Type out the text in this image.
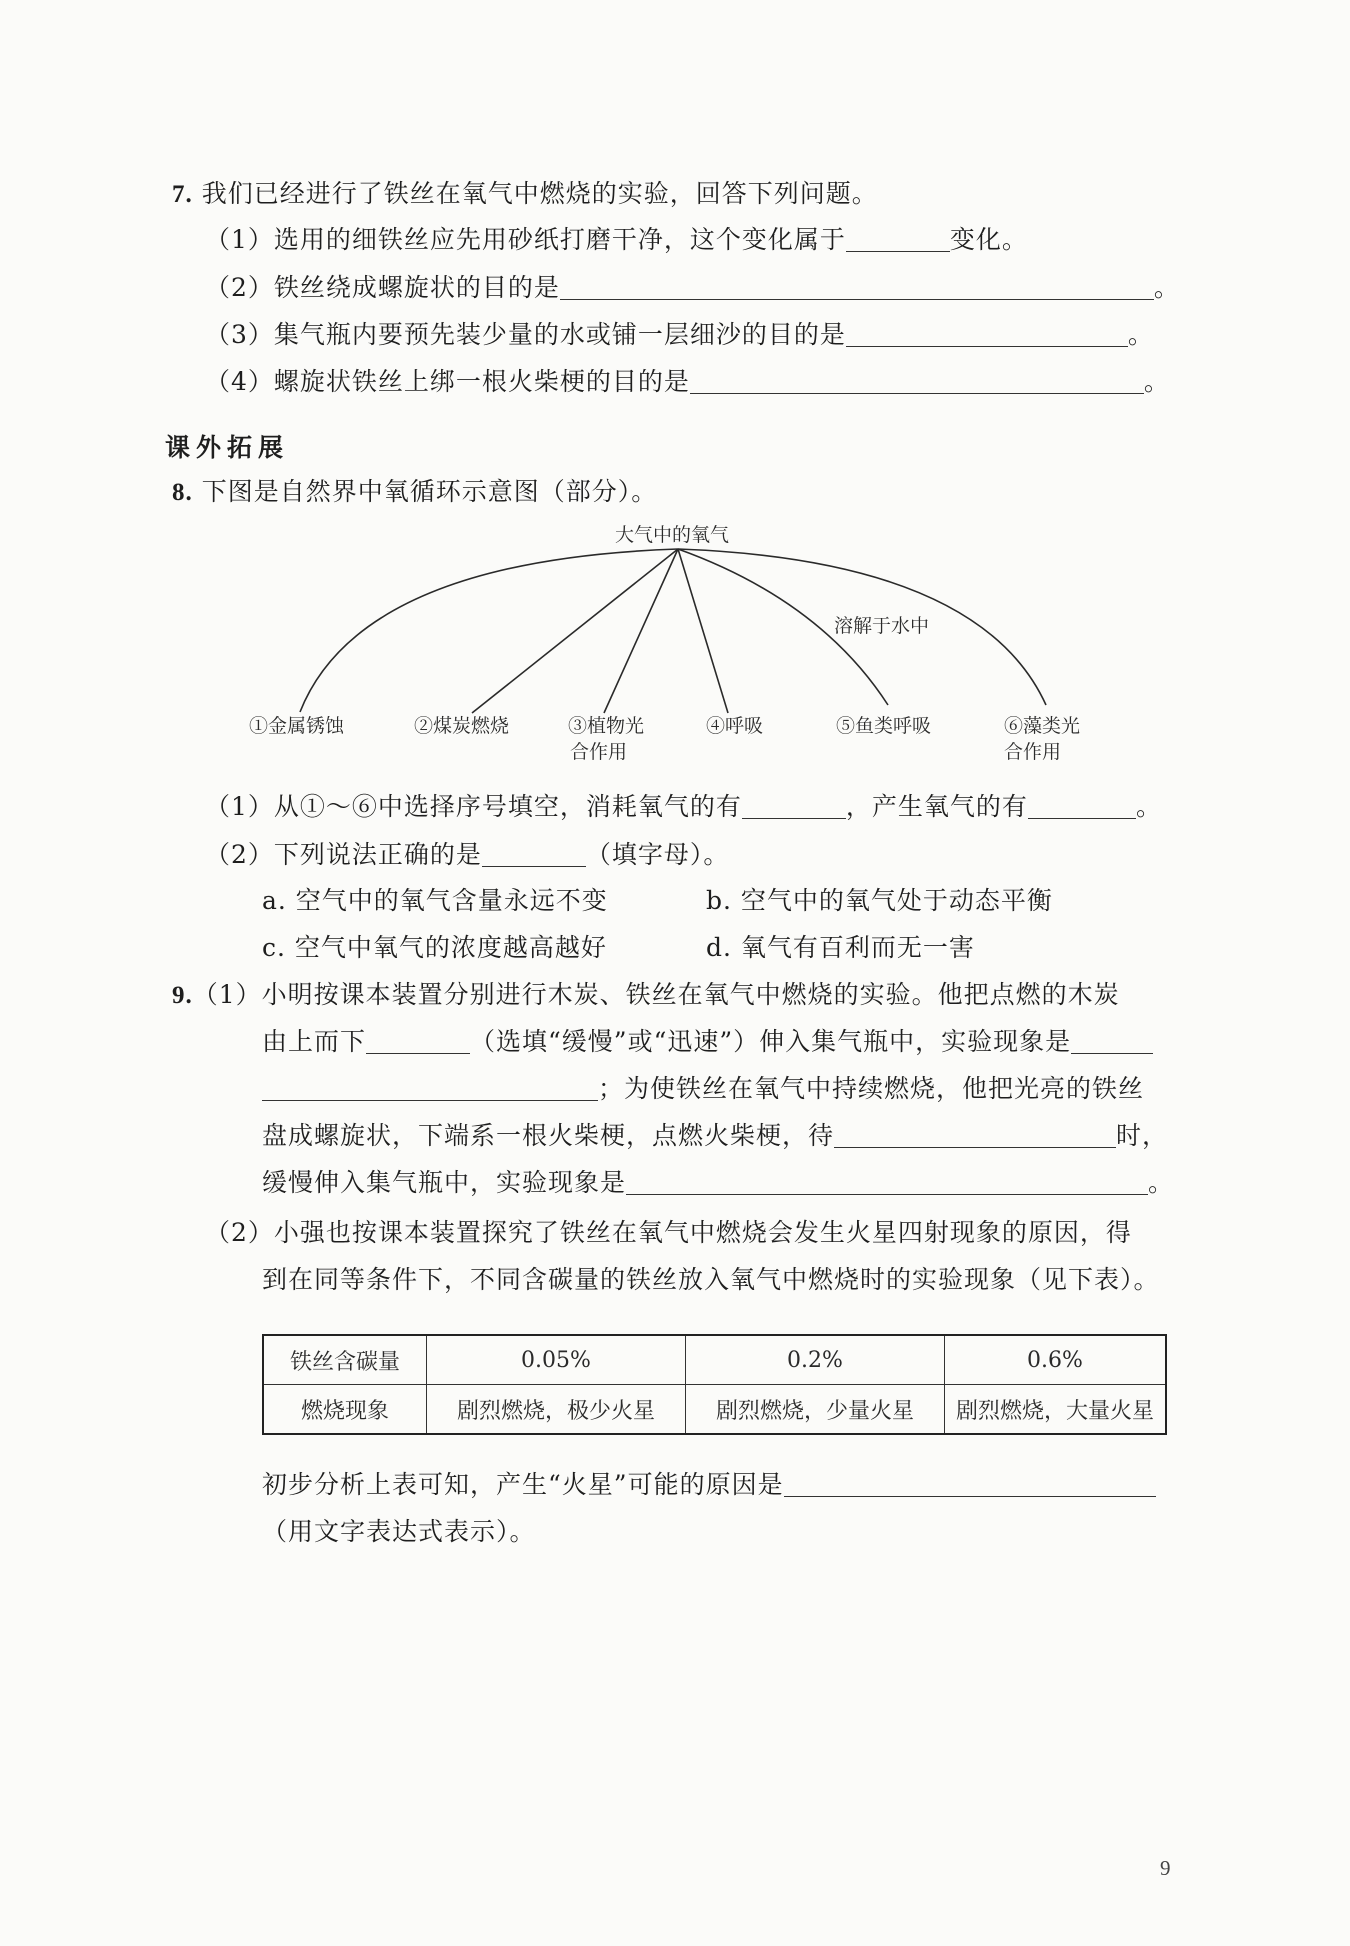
7. 我们已经进行了铁丝在氧气中燃烧的实验，回答下列问题。
（1）选用的细铁丝应先用砂纸打磨干净，这个变化属于	变化。
（2）铁丝绕成螺旋状的目的是	。
（3）集气瓶内要预先装少量的水或铺一层细沙的目的是	。
（4）螺旋状铁丝上绑一根火柴梗的目的是	。
课外拓展
8. 下图是自然界中氧循环示意图（部分）。
大气中的氧气
溶解于水中
①金属锈蚀	②煤炭燃烧	③植物光
合作用
④呼吸	⑤鱼类呼吸	⑥藻类光
合作用
（1）从①～⑥中选择序号填空，消耗氧气的有	，产生氧气的有	。
（2）下列说法正确的是	（填字母）。
a. 空气中的氧气含量永远不变	b. 空气中的氧气处于动态平衡
c. 空气中氧气的浓度越高越好	d. 氧气有百利而无一害
9.（1）小明按课本装置分别进行木炭、铁丝在氧气中燃烧的实验。他把点燃的木炭
由上而下	（选填“缓慢”或“迅速”）伸入集气瓶中，实验现象是
；为使铁丝在氧气中持续燃烧，他把光亮的铁丝
盘成螺旋状，下端系一根火柴梗，点燃火柴梗，待	时，
缓慢伸入集气瓶中，实验现象是	。
（2）小强也按课本装置探究了铁丝在氧气中燃烧会发生火星四射现象的原因，得
到在同等条件下，不同含碳量的铁丝放入氧气中燃烧时的实验现象（见下表）。
铁丝含碳量	0.05%	0.2%	0.6%
燃烧现象	剧烈燃烧，极少火星	剧烈燃烧，少量火星	剧烈燃烧，大量火星
初步分析上表可知，产生“火星”可能的原因是
（用文字表达式表示）。
9
